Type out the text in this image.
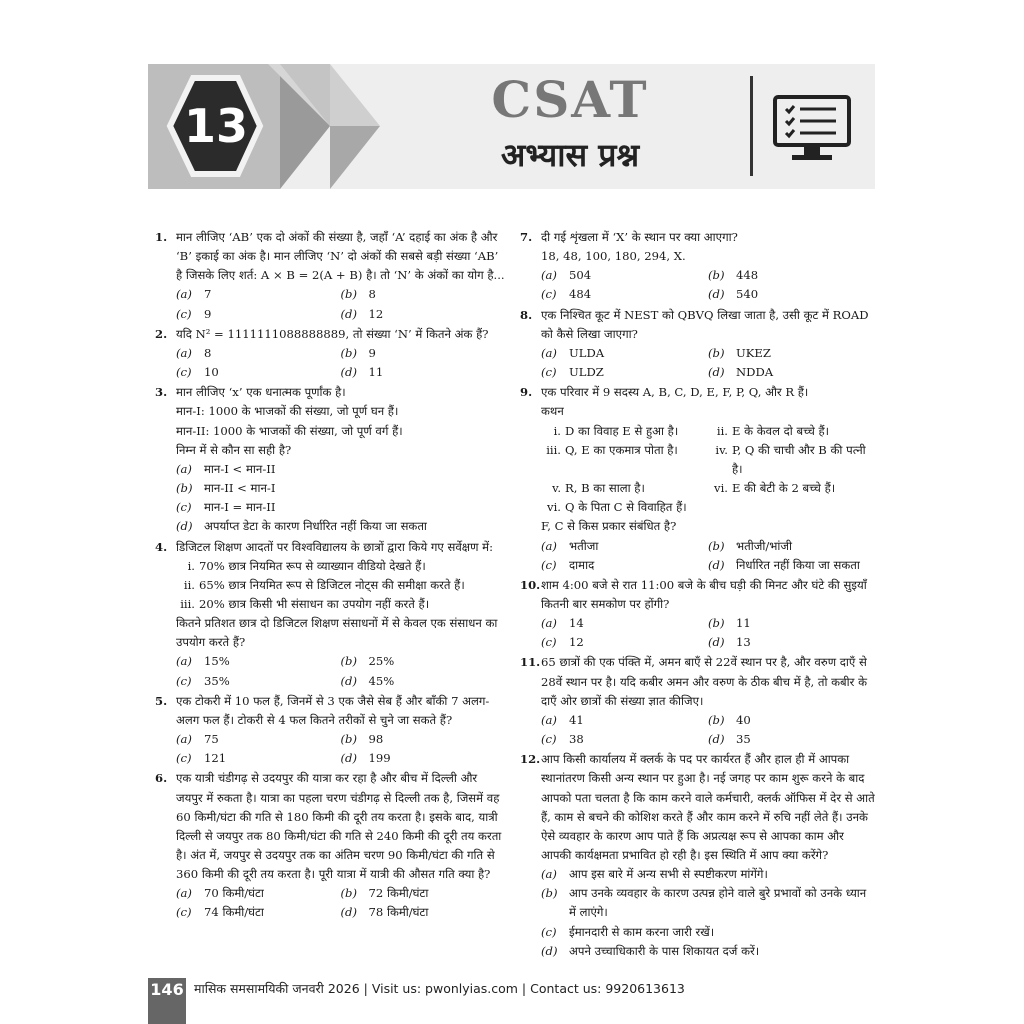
13	CSAT
अभ्यास प्रश्न
1. मान लीजिए ‘AB’ एक दो अंकों की संख्या है, जहाँ ‘A’ दहाई का अंक है और ‘B’ इकाई का अंक है। मान लीजिए ‘N’ दो अंकों की सबसे बड़ी संख्या ‘AB’ है जिसके लिए शर्त: A × B = 2(A + B) है। तो ‘N’ के अंकों का योग है...
(a)	7	(b) 8
(c)	9	(d) 12
2. यदि N² = 1111111088888889, तो संख्या ‘N’ में कितने अंक हैं?
(a)	8	(b) 9
(c)	10	(d) 11
3. मान लीजिए ‘x’ एक धनात्मक पूर्णांक है।
मान-I: 1000 के भाजकों की संख्या, जो पूर्ण घन हैं।
मान-II: 1000 के भाजकों की संख्या, जो पूर्ण वर्ग हैं।
निम्न में से कौन सा सही है?
(a)	मान-I < मान-II
(b) मान-II < मान-I
(c)	मान-I = मान-II
(d) अपर्याप्त डेटा के कारण निर्धारित नहीं किया जा सकता
4. डिजिटल शिक्षण आदतों पर विश्वविद्यालय के छात्रों द्वारा किये गए सर्वेक्षण में:
i. 70% छात्र नियमित रूप से व्याख्यान वीडियो देखते हैं।
ii. 65% छात्र नियमित रूप से डिजिटल नोट्स की समीक्षा करते हैं।
iii. 20% छात्र किसी भी संसाधन का उपयोग नहीं करते हैं।
कितने प्रतिशत छात्र दो डिजिटल शिक्षण संसाधनों में से केवल एक संसाधन का उपयोग करते हैं?
(a)	15%	(b) 25%
(c)	35%	(d) 45%
5. एक टोकरी में 10 फल हैं, जिनमें से 3 एक जैसे सेब हैं और बाँकी 7 अलग-अलग फल हैं। टोकरी से 4 फल कितने तरीकों से चुने जा सकते हैं?
(a)	75	(b) 98
(c)	121	(d) 199
6. एक यात्री चंडीगढ़ से उदयपुर की यात्रा कर रहा है और बीच में दिल्ली और जयपुर में रुकता है। यात्रा का पहला चरण चंडीगढ़ से दिल्ली तक है, जिसमें वह 60 किमी/घंटा की गति से 180 किमी की दूरी तय करता है। इसके बाद, यात्री दिल्ली से जयपुर तक 80 किमी/घंटा की गति से 240 किमी की दूरी तय करता है। अंत में, जयपुर से उदयपुर तक का अंतिम चरण 90 किमी/घंटा की गति से 360 किमी की दूरी तय करता है। पूरी यात्रा में यात्री की औसत गति क्या है?
(a)	70 किमी/घंटा	(b) 72 किमी/घंटा
(c)	74 किमी/घंटा	(d) 78 किमी/घंटा
7. दी गई शृंखला में ‘X’ के स्थान पर क्या आएगा?
18, 48, 100, 180, 294, X.
(a)	504	(b) 448
(c)	484	(d) 540
8. एक निश्चित कूट में NEST को QBVQ लिखा जाता है, उसी कूट में ROAD को कैसे लिखा जाएगा?
(a)	ULDA	(b) UKEZ
(c)	ULDZ	(d) NDDA
9. एक परिवार में 9 सदस्य A, B, C, D, E, F, P, Q, और R हैं।
कथन
i. D का विवाह E से हुआ है।	ii. E के केवल दो बच्चे हैं।
iii. Q, E का एकमात्र पोता है।	iv. P, Q की चाची और B की पत्नी है।
v. R, B का साला है।	vi. E की बेटी के 2 बच्चे हैं।
vi. Q के पिता C से विवाहित हैं।
F, C से किस प्रकार संबंधित है?
(a)	भतीजा	(b) भतीजी/भांजी
(c)	दामाद	(d) निर्धारित नहीं किया जा सकता
10. शाम 4:00 बजे से रात 11:00 बजे के बीच घड़ी की मिनट और घंटे की सुइयाँ कितनी बार समकोण पर होंगी?
(a)	14	(b) 11
(c)	12	(d) 13
11. 65 छात्रों की एक पंक्ति में, अमन बाएँ से 22वें स्थान पर है, और वरुण दाएँ से 28वें स्थान पर है। यदि कबीर अमन और वरुण के ठीक बीच में है, तो कबीर के दाएँ ओर छात्रों की संख्या ज्ञात कीजिए।
(a)	41	(b) 40
(c)	38	(d) 35
12. आप किसी कार्यालय में क्लर्क के पद पर कार्यरत हैं और हाल ही में आपका स्थानांतरण किसी अन्य स्थान पर हुआ है। नई जगह पर काम शुरू करने के बाद आपको पता चलता है कि काम करने वाले कर्मचारी, क्लर्क ऑफिस में देर से आते हैं, काम से बचने की कोशिश करते हैं और काम करने में रुचि नहीं लेते हैं। उनके ऐसे व्यवहार के कारण आप पाते हैं कि अप्रत्यक्ष रूप से आपका काम और आपकी कार्यक्षमता प्रभावित हो रही है। इस स्थिति में आप क्या करेंगे?
(a)	आप इस बारे में अन्य सभी से स्पष्टीकरण मांगेंगे।
(b) आप उनके व्यवहार के कारण उत्पन्न होने वाले बुरे प्रभावों को उनके ध्यान में लाएंगे।
(c)	ईमानदारी से काम करना जारी रखें।
(d) अपने उच्चाधिकारी के पास शिकायत दर्ज करें।
146 मासिक समसामयिकी जनवरी 2026 | Visit us: pwonlyias.com | Contact us: 9920613613
